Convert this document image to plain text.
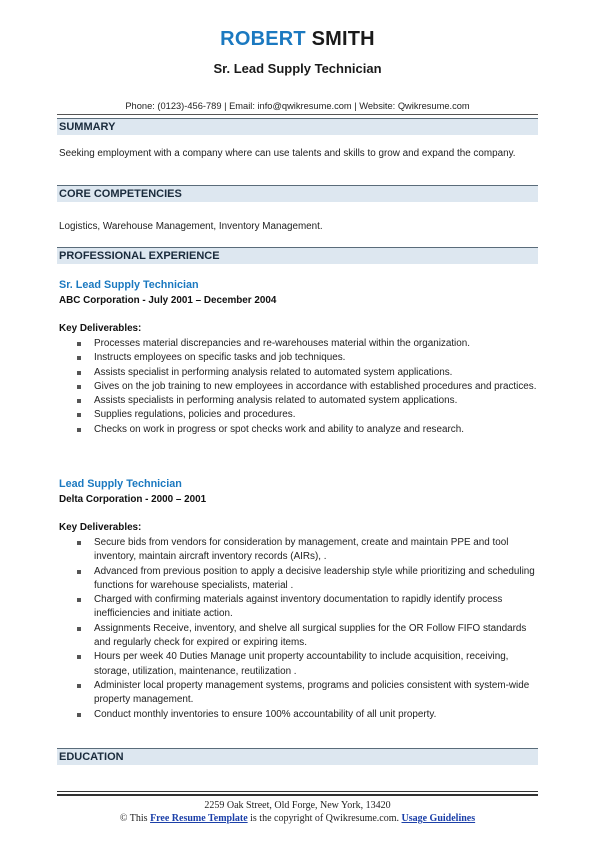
ROBERT SMITH
Sr. Lead Supply Technician
Phone: (0123)-456-789 | Email: info@qwikresume.com | Website: Qwikresume.com
SUMMARY
Seeking employment with a company where can use talents and skills to grow and expand the company.
CORE COMPETENCIES
Logistics, Warehouse Management, Inventory Management.
PROFESSIONAL EXPERIENCE
Sr. Lead Supply Technician
ABC Corporation - July 2001 – December 2004
Key Deliverables:
Processes material discrepancies and re-warehouses material within the organization.
Instructs employees on specific tasks and job techniques.
Assists specialist in performing analysis related to automated system applications.
Gives on the job training to new employees in accordance with established procedures and practices.
Assists specialists in performing analysis related to automated system applications.
Supplies regulations, policies and procedures.
Checks on work in progress or spot checks work and ability to analyze and research.
Lead Supply Technician
Delta Corporation - 2000 – 2001
Key Deliverables:
Secure bids from vendors for consideration by management, create and maintain PPE and tool inventory, maintain aircraft inventory records (AIRs), .
Advanced from previous position to apply a decisive leadership style while prioritizing and scheduling functions for warehouse specialists, material .
Charged with confirming materials against inventory documentation to rapidly identify process inefficiencies and initiate action.
Assignments Receive, inventory, and shelve all surgical supplies for the OR Follow FIFO standards and regularly check for expired or expiring items.
Hours per week 40 Duties Manage unit property accountability to include acquisition, receiving, storage, utilization, maintenance, reutilization .
Administer local property management systems, programs and policies consistent with system-wide property management.
Conduct monthly inventories to ensure 100% accountability of all unit property.
EDUCATION
2259 Oak Street, Old Forge, New York, 13420
© This Free Resume Template is the copyright of Qwikresume.com. Usage Guidelines
